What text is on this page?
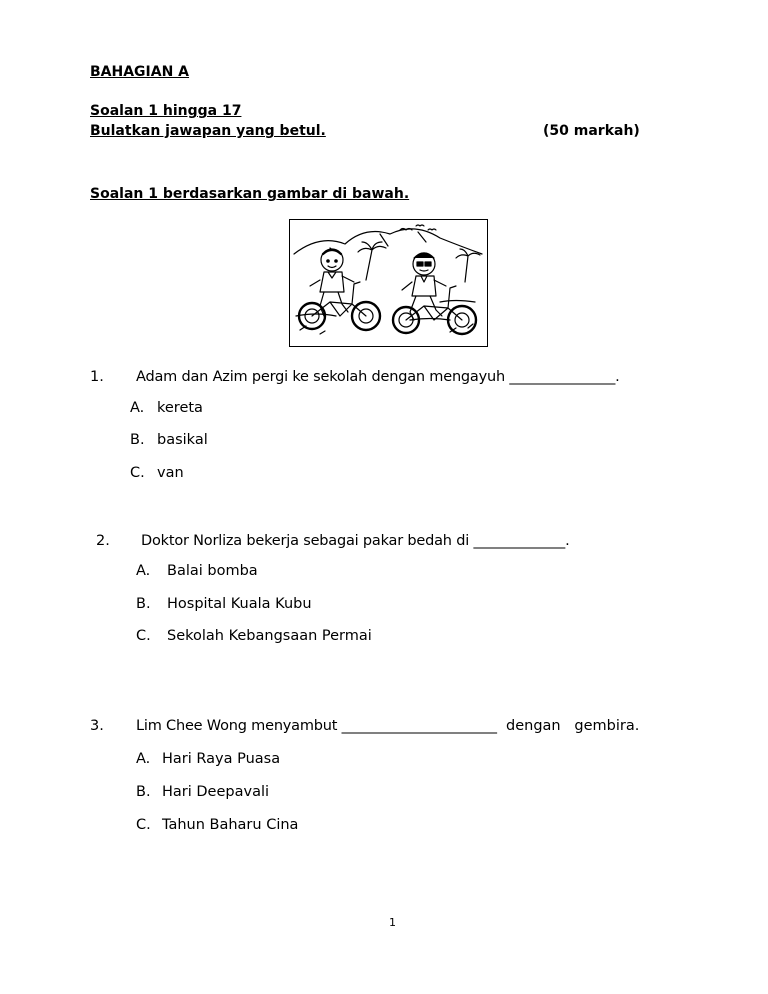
BAHAGIAN A
Soalan 1 hingga 17
Bulatkan jawapan yang betul.	(50 markah)
Soalan 1 berdasarkan gambar di bawah.
1. Adam dan Azim pergi ke sekolah dengan mengayuh _______________.
A. kereta
B. basikal
C. van
2. Doktor Norliza bekerja sebagai pakar bedah di _____________.
A. Balai bomba
B. Hospital Kuala Kubu
C. Sekolah Kebangsaan Permai
3. Lim Chee Wong menyambut ______________________ dengan   gembira.
A. Hari Raya Puasa
B. Hari Deepavali
C. Tahun Baharu Cina
1
